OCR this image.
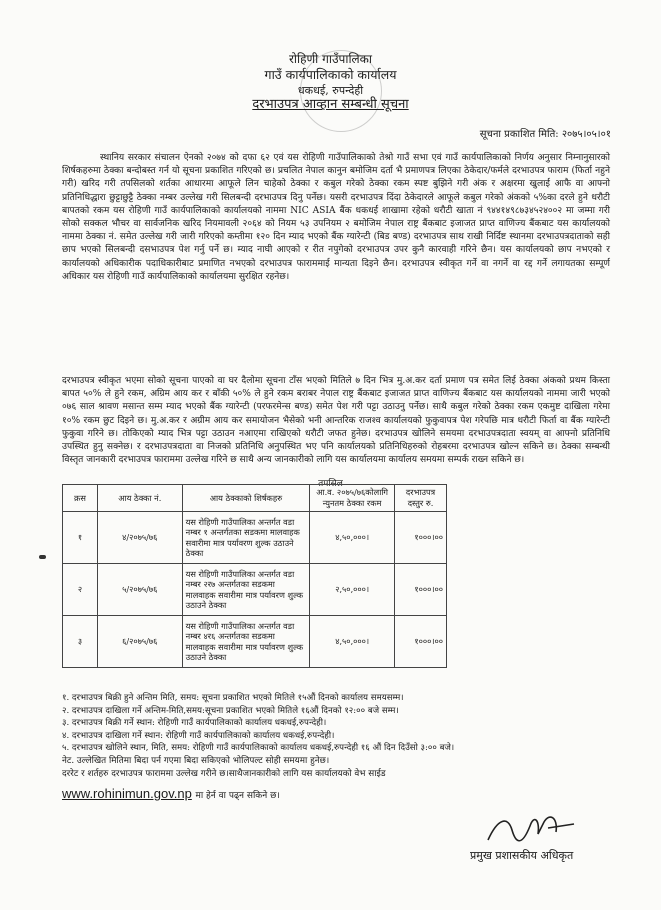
रोहिणी गाउँपालिका
गाउँ कार्यपालिकाको कार्यालय
धकधई, रुपन्देही
दरभाउपत्र आव्हान सम्बन्धी सूचना
सूचना प्रकाशित मिति: २०७५।०५।०१

स्थानिय सरकार संचालन ऐनको २०७४ को दफा ६२ एवं यस रोहिणी गाउँपालिकाको तेश्रो गाउँ सभा एवं गाउँ कार्यपालिकाको निर्णय अनुसार निम्नानुसारको शिर्षकहरुमा ठेक्का बन्दोबस्त गर्न यो सूचना प्रकाशित गरिएको छ। प्रचलित नेपाल कानुन बमोजिम दर्ता भै प्रमाणपत्र लिएका ठेकेदार/फर्मले दरभाउपत्र फाराम (फिर्ता नहुने गरी) खरिद गरी तपसिलको शर्तका आधारमा आफूले लिन चाहेको ठेक्का र कबुल गरेको ठेक्का रकम स्पष्ट बुझिने गरी अंक र अक्षरमा खुलाई आफै वा आफ्नो प्रतिनिधिद्धारा छुट्टाछुट्टै ठेक्का नम्बर उल्लेख गरी सिलबन्दी दरभाउपत्र दिनु पर्नेछ। यसरी दरभाउपत्र दिंदा ठेकेदारले आफूले कबुल गरेको अंकको ५%का दरले हुने धरौटी बापतको रकम यस रोहिणी गाउँ कार्यपालिकाको कार्यालयको नाममा NIC ASIA बैंक धकधई शाखामा रहेको धरौटी खाता नं ९४४१४९८७३४५२४००२ मा जम्मा गरी सोको सक्कल भौचर वा सार्वजनिक खरिद नियमावली २०६४ को नियम ५३ उपनियम २ बमोजिम नेपाल राष्ट्र बैंकबाट इजाजत प्राप्त वाणिज्य बैंकबाट यस कार्यालयको नाममा ठेक्का नं. समेत उल्लेख गरी जारी गरिएको कम्तीमा १२० दिन म्याद भएको बैंक ग्यारेन्टी (बिड बण्ड) दरभाउपत्र साथ राखी निर्दिष्ट स्थानमा दरभाउपत्रदाताको सही छाप भएको सिलबन्दी दसभाउपत्र पेश गर्नु पर्ने छ। म्याद नाघी आएको र रीत नपुगेको दरभाउपत्र उपर कुनै कारवाही गरिने छैन। यस कार्यालयको छाप नभएको र कार्यालयको अधिकारीक पदाधिकारीबाट प्रमाणित नभएको दरभाउपत्र फाराममाई मान्यता दिइने छैन। दरभाउपत्र स्वीकृत गर्ने वा नगर्ने वा रद्द गर्ने लगायतका सम्पूर्ण अधिकार यस रोहिणी गाउँ कार्यपालिकाको कार्यालयमा सुरक्षित रहनेछ।

दरभाउपत्र स्वीकृत भएमा सोको सूचना पाएको वा घर दैलोमा सूचना टाँस भएको मितिले ७ दिन भित्र मु.अ.कर दर्ता प्रमाण पत्र समेत लिई ठेक्का अंकको प्रथम किस्ता बापत ५०% ले हुने रकम, अग्रिम आय कर र बाँकी ५०% ले हुने रकम बराबर नेपाल राष्ट्र बैंकबाट इजाजत प्राप्त वाणिज्य बैंकबाट यस कार्यालयको नाममा जारी भएको ०७६ साल श्रावण मसान्त सम्म म्याद भएको बैंक ग्यारेन्टी (परफरमेन्स बण्ड) समेत पेश गरी पट्टा उठाउनु पर्नेछ। साथै कबुल गरेको ठेक्का रकम एकमुष्ट दाखिला गरेमा १०% रकम छुट दिइने छ। मु.अ.कर र अग्रीम आय कर समायोजन भैसेको भनी आन्तरिक राजश्व कार्यालयको फुकुवापत्र पेश गरेपछि मात्र धरौटी फिर्ता वा बैंक ग्यारेन्टी फुकुवा गरिने छ। तोकिएको म्याद भित्र पट्टा उठाउन नआएमा राखिएको धरौटी जफत हुनेछ। दरभाउपत्र खोलिने समयमा दरभाउपत्रदाता स्वयम् वा आफ्नो प्रतिनिधि उपस्थित हुनु सक्नेछ। र दरभाउपत्रदाता वा निजको प्रतिनिधि अनुपस्थित भए पनि कार्यालयको प्रतिनिधिहरुको रोहबरमा दरभाउपत्र खोल्न सकिने छ। ठेक्का सम्बन्धी विस्तृत जानकारी दरभाउपत्र फाराममा उल्लेख गरिने छ साथै अन्य जानकारीको लागि यस कार्यालयमा कार्यालय समयमा सम्पर्क राख्न सकिने छ।

तपसिल
क्रस	आय ठेक्का नं.	आय ठेक्काको शिर्षकहरु	आ.व. २०७५/७६कोलागि न्युनतम ठेक्का रकम	दरभाउपत्र दस्तुर रु.
१	४/२०७५/७६	यस रोहिणी गाउँपालिका अन्तर्गत वडा नम्बर १ अन्तर्गतका सडकमा मालवाहक सवारीमा मात्र पर्यावरण शुल्क उठाउने ठेक्का	४,५०,०००।	१०००।००
२	५/२०७५/७६	यस रोहिणी गाउँपालिका अन्तर्गत वडा नम्बर २र७ अन्तर्गतका सडकमा मालवाहक सवारीमा मात्र पर्यावरण शुल्क उठाउने ठेक्का	२,५०,०००।	१०००।००
३	६/२०७५/७६	यस रोहिणी गाउँपालिका अन्तर्गत वडा नम्बर ४र६ अन्तर्गतका सडकमा मालवाहक सवारीमा मात्र पर्यावरण शुल्क उठाउने ठेक्का	४,५०,०००।	१०००।००
१. दरभाउपत्र बिक्री हुने अन्तिम मिति, समय: सूचना प्रकाशित भएको मितिले १५औं दिनको कार्यालय समयसम्म।
२. दरभाउपत्र दाखिला गर्ने अन्तिम-मिति,समय:सूचना प्रकाशित भएको मितिले १६औं दिनको १२:०० बजे सम्म।
३. दरभाउपत्र बिक्री गर्ने स्थान: रोहिणी गाउँ कार्यपालिकाको कार्यालय धकधई,रुपन्देही।
४. दरभाउपत्र दाखिला गर्ने स्थान: रोहिणी गाउँ कार्यपालिकाको कार्यालय धकधई,रुपन्देही।
५. दरभाउपत्र खोलिने स्थान, मिति, समय: रोहिणी गाउँ कार्यपालिकाको कार्यालय धकधई,रुपन्देही १६ औं दिन दिउँसो ३:०० बजे।

नेट. उल्लेखित मितिमा बिदा पर्न गएमा बिदा सकिएको भोलिपल्ट सोही समयमा हुनेछ।
दररेट र शर्तहरु दरभाउपत्र फाराममा उल्लेख गरीने छ।साथैजानकारीको लागि यस कार्यालयको वेभ साईड

www.rohinimun.gov.np मा हेर्न वा पढ्न सकिने छ।
प्रमुख प्रशासकीय अधिकृत
